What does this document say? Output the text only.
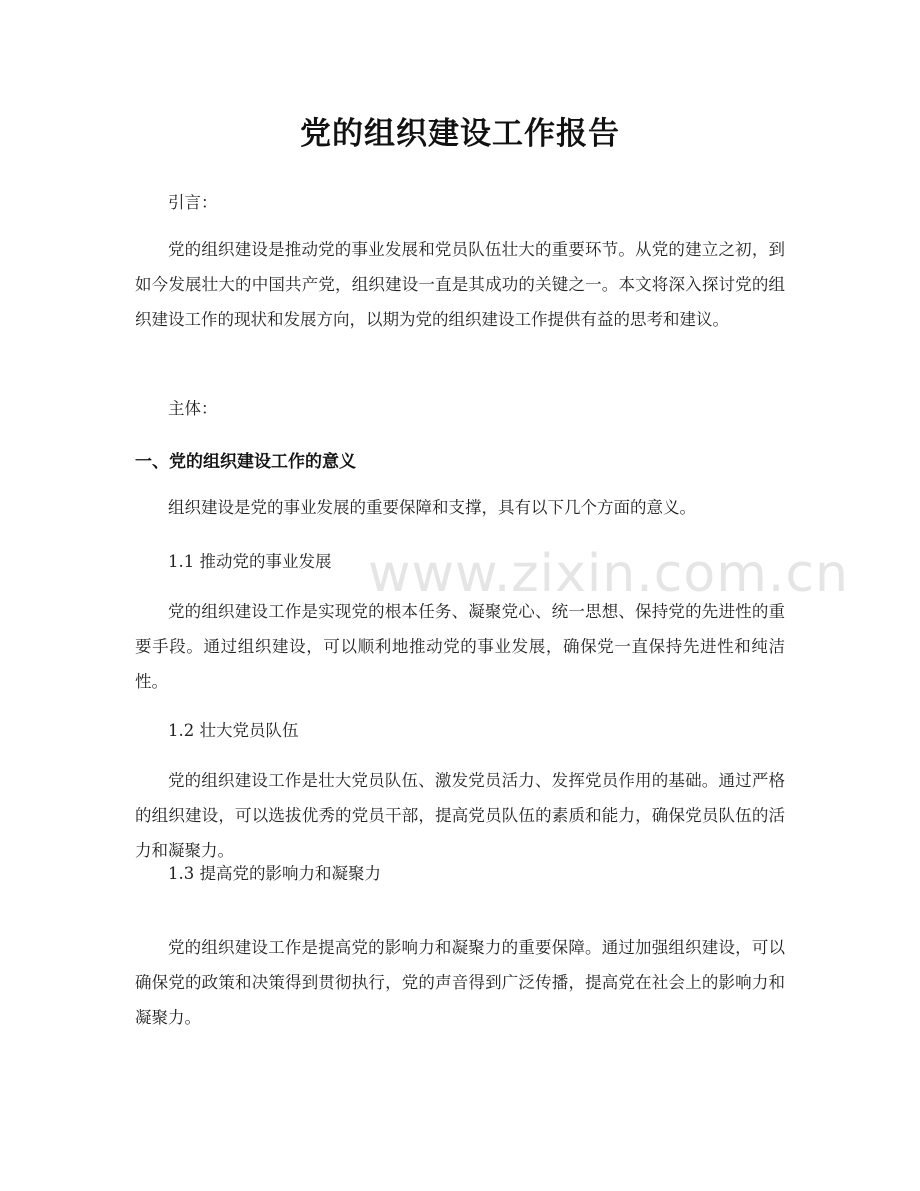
党的组织建设工作报告
引言：
党的组织建设是推动党的事业发展和党员队伍壮大的重要环节。从党的建立之初，到如今发展壮大的中国共产党，组织建设一直是其成功的关键之一。本文将深入探讨党的组织建设工作的现状和发展方向，以期为党的组织建设工作提供有益的思考和建议。
主体：
一、党的组织建设工作的意义
组织建设是党的事业发展的重要保障和支撑，具有以下几个方面的意义。
1.1 推动党的事业发展
党的组织建设工作是实现党的根本任务、凝聚党心、统一思想、保持党的先进性的重要手段。通过组织建设，可以顺利地推动党的事业发展，确保党一直保持先进性和纯洁性。
1.2 壮大党员队伍
党的组织建设工作是壮大党员队伍、激发党员活力、发挥党员作用的基础。通过严格的组织建设，可以选拔优秀的党员干部，提高党员队伍的素质和能力，确保党员队伍的活力和凝聚力。
1.3 提高党的影响力和凝聚力
党的组织建设工作是提高党的影响力和凝聚力的重要保障。通过加强组织建设，可以确保党的政策和决策得到贯彻执行，党的声音得到广泛传播，提高党在社会上的影响力和凝聚力。
www.zixin.com.cn
